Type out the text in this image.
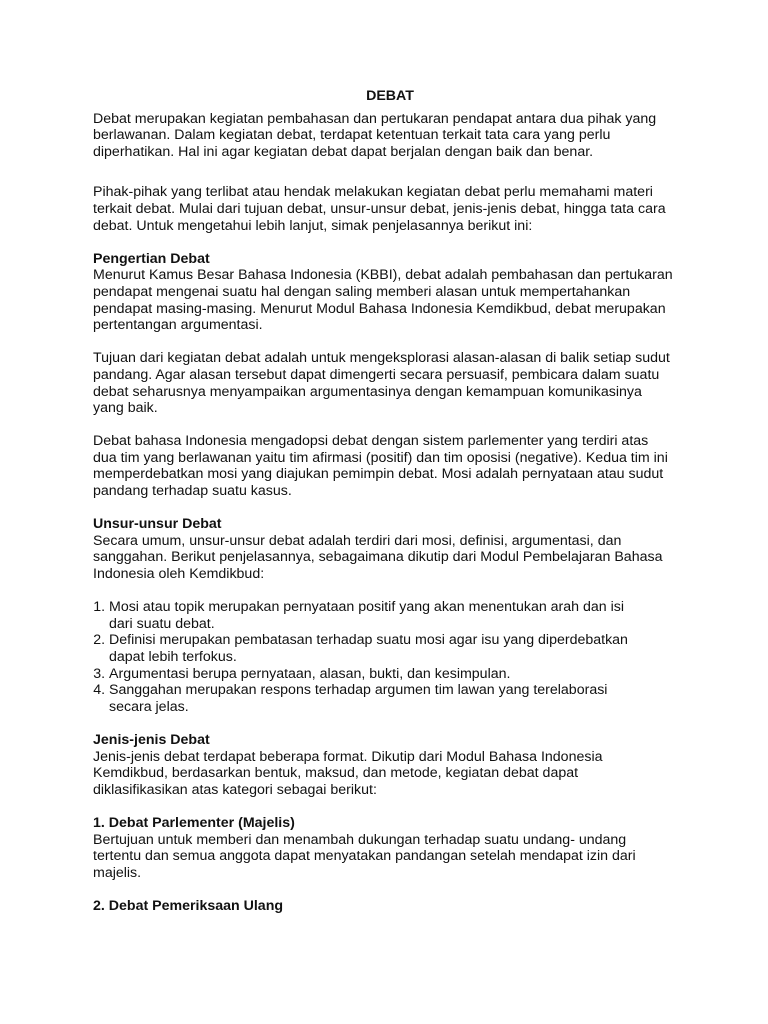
DEBAT

Debat merupakan kegiatan pembahasan dan pertukaran pendapat antara dua pihak yang
berlawanan. Dalam kegiatan debat, terdapat ketentuan terkait tata cara yang perlu
diperhatikan. Hal ini agar kegiatan debat dapat berjalan dengan baik dan benar.

Pihak-pihak yang terlibat atau hendak melakukan kegiatan debat perlu memahami materi
terkait debat. Mulai dari tujuan debat, unsur-unsur debat, jenis-jenis debat, hingga tata cara
debat. Untuk mengetahui lebih lanjut, simak penjelasannya berikut ini:

Pengertian Debat

Menurut Kamus Besar Bahasa Indonesia (KBBI), debat adalah pembahasan dan pertukaran
pendapat mengenai suatu hal dengan saling memberi alasan untuk mempertahankan
pendapat masing-masing. Menurut Modul Bahasa Indonesia Kemdikbud, debat merupakan
pertentangan argumentasi.

Tujuan dari kegiatan debat adalah untuk mengeksplorasi alasan-alasan di balik setiap sudut
pandang. Agar alasan tersebut dapat dimengerti secara persuasif, pembicara dalam suatu
debat seharusnya menyampaikan argumentasinya dengan kemampuan komunikasinya
yang baik.

Debat bahasa Indonesia mengadopsi debat dengan sistem parlementer yang terdiri atas
dua tim yang berlawanan yaitu tim afirmasi (positif) dan tim oposisi (negative). Kedua tim ini
memperdebatkan mosi yang diajukan pemimpin debat. Mosi adalah pernyataan atau sudut
pandang terhadap suatu kasus.

Unsur-unsur Debat

Secara umum, unsur-unsur debat adalah terdiri dari mosi, definisi, argumentasi, dan
sanggahan. Berikut penjelasannya, sebagaimana dikutip dari Modul Pembelajaran Bahasa
Indonesia oleh Kemdikbud:

1. Mosi atau topik merupakan pernyataan positif yang akan menentukan arah dan isi
dari suatu debat.
2. Definisi merupakan pembatasan terhadap suatu mosi agar isu yang diperdebatkan
dapat lebih terfokus.
3. Argumentasi berupa pernyataan, alasan, bukti, dan kesimpulan.
4. Sanggahan merupakan respons terhadap argumen tim lawan yang terelaborasi
secara jelas.
Jenis-jenis Debat

Jenis-jenis debat terdapat beberapa format. Dikutip dari Modul Bahasa Indonesia
Kemdikbud, berdasarkan bentuk, maksud, dan metode, kegiatan debat dapat
diklasifikasikan atas kategori sebagai berikut:

1. Debat Parlementer (Majelis)

Bertujuan untuk memberi dan menambah dukungan terhadap suatu undang- undang
tertentu dan semua anggota dapat menyatakan pandangan setelah mendapat izin dari
majelis.

2. Debat Pemeriksaan Ulang
